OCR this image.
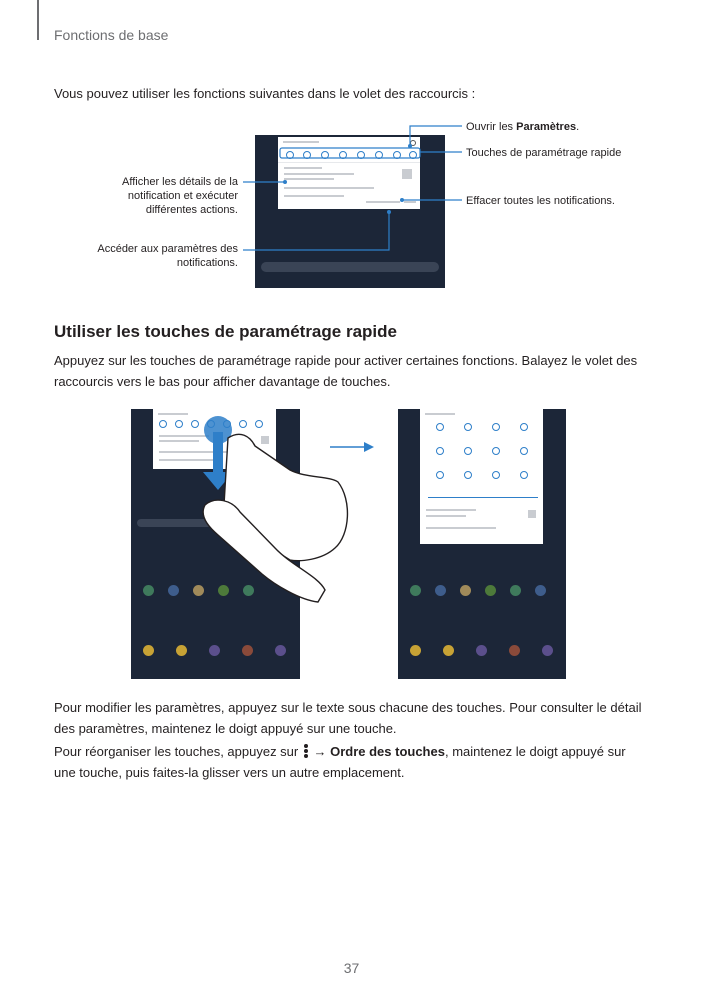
Fonctions de base
Vous pouvez utiliser les fonctions suivantes dans le volet des raccourcis :
Ouvrir les Paramètres.
Touches de paramétrage rapide
Afficher les détails de la
notification et exécuter
différentes actions.
Effacer toutes les notifications.
Accéder aux paramètres des
notifications.
Utiliser les touches de paramétrage rapide
Appuyez sur les touches de paramétrage rapide pour activer certaines fonctions. Balayez le volet des
raccourcis vers le bas pour afficher davantage de touches.
Pour modifier les paramètres, appuyez sur le texte sous chacune des touches. Pour consulter le détail
des paramètres, maintenez le doigt appuyé sur une touche.
Pour réorganiser les touches, appuyez sur
→ Ordre des touches, maintenez le doigt appuyé sur
une touche, puis faites-la glisser vers un autre emplacement.
37
